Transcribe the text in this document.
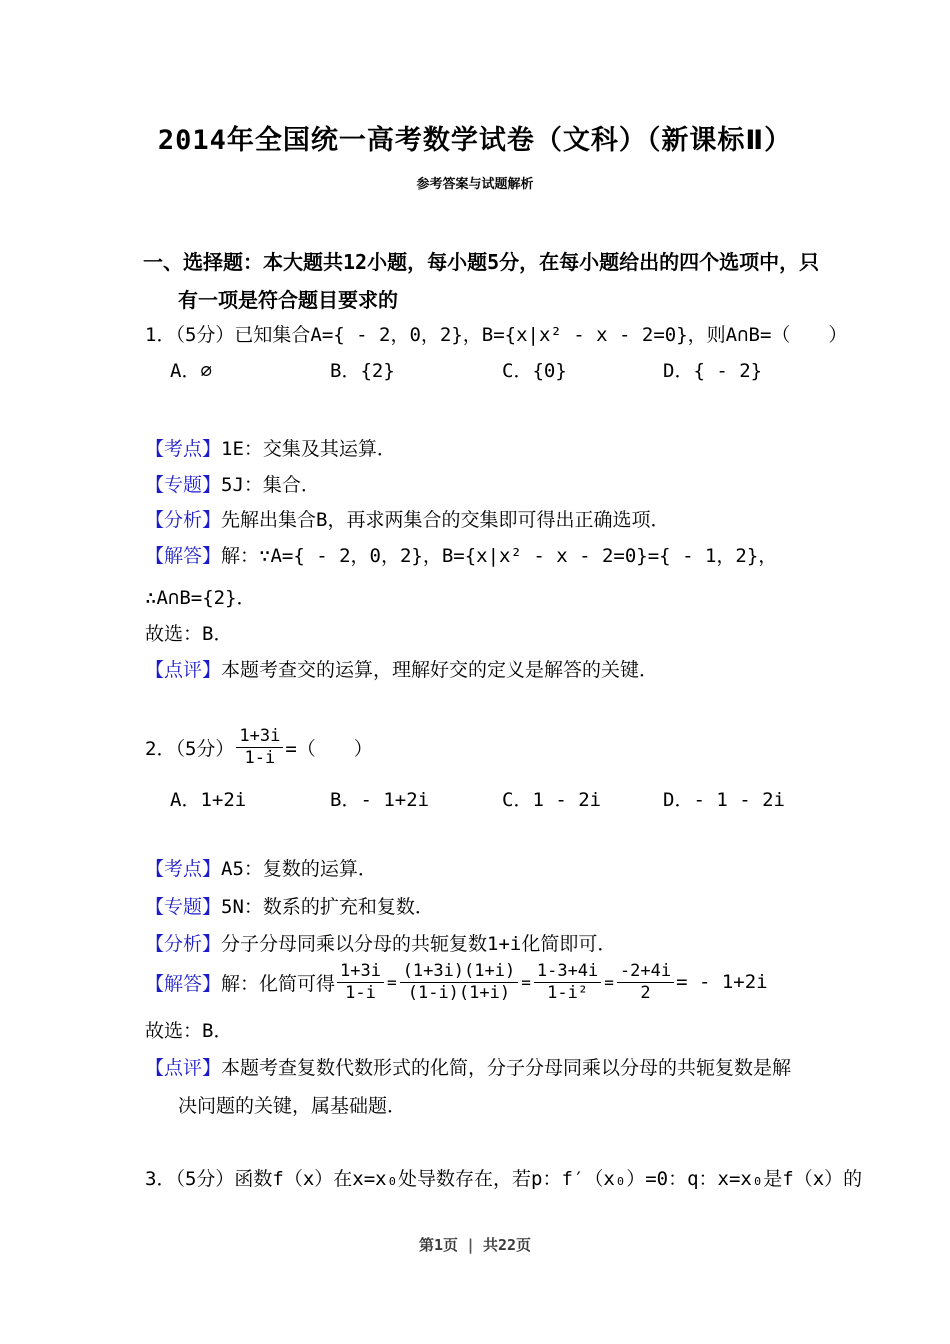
2014年全国统一高考数学试卷（文科）（新课标Ⅱ）
参考答案与试题解析
一、选择题：本大题共12小题，每小题5分，在每小题给出的四个选项中，只
有一项是符合题目要求的
1．（5分）已知集合A={ - 2，0，2}，B={x|x² - x - 2=0}，则A∩B=（　　）
A．∅	B．{2}	C．{0}	D．{ - 2}
【考点】1E：交集及其运算．
【专题】5J：集合．
【分析】先解出集合B，再求两集合的交集即可得出正确选项．
【解答】解：∵A={ - 2，0，2}，B={x|x² - x - 2=0}={ - 1，2}，
∴A∩B={2}．
故选：B．
【点评】本题考查交的运算，理解好交的定义是解答的关键．
2．（5分） $\frac{1+3i}{1-i}$ =（　　）
A．1+2i	B．- 1+2i	C．1 - 2i	D．- 1 - 2i
【考点】A5：复数的运算．
【专题】5N：数系的扩充和复数．
【分析】分子分母同乘以分母的共轭复数1+i化简即可．
【解答】 解：化简可得 $\frac{1+3i}{1-i} = \frac{(1+3i)(1+i)}{(1-i)(1+i)} = \frac{1-3+4i}{\text{1-i²}} = \frac{-2+4i}{2}$ = - 1+2i
故选：B．
【点评】本题考查复数代数形式的化简，分子分母同乘以分母的共轭复数是解
决问题的关键，属基础题．
3．（5分）函数f（x）在x=x₀处导数存在，若p：f′（x₀）=0：q：x=x₀是f（x）的
第1页 | 共22页
